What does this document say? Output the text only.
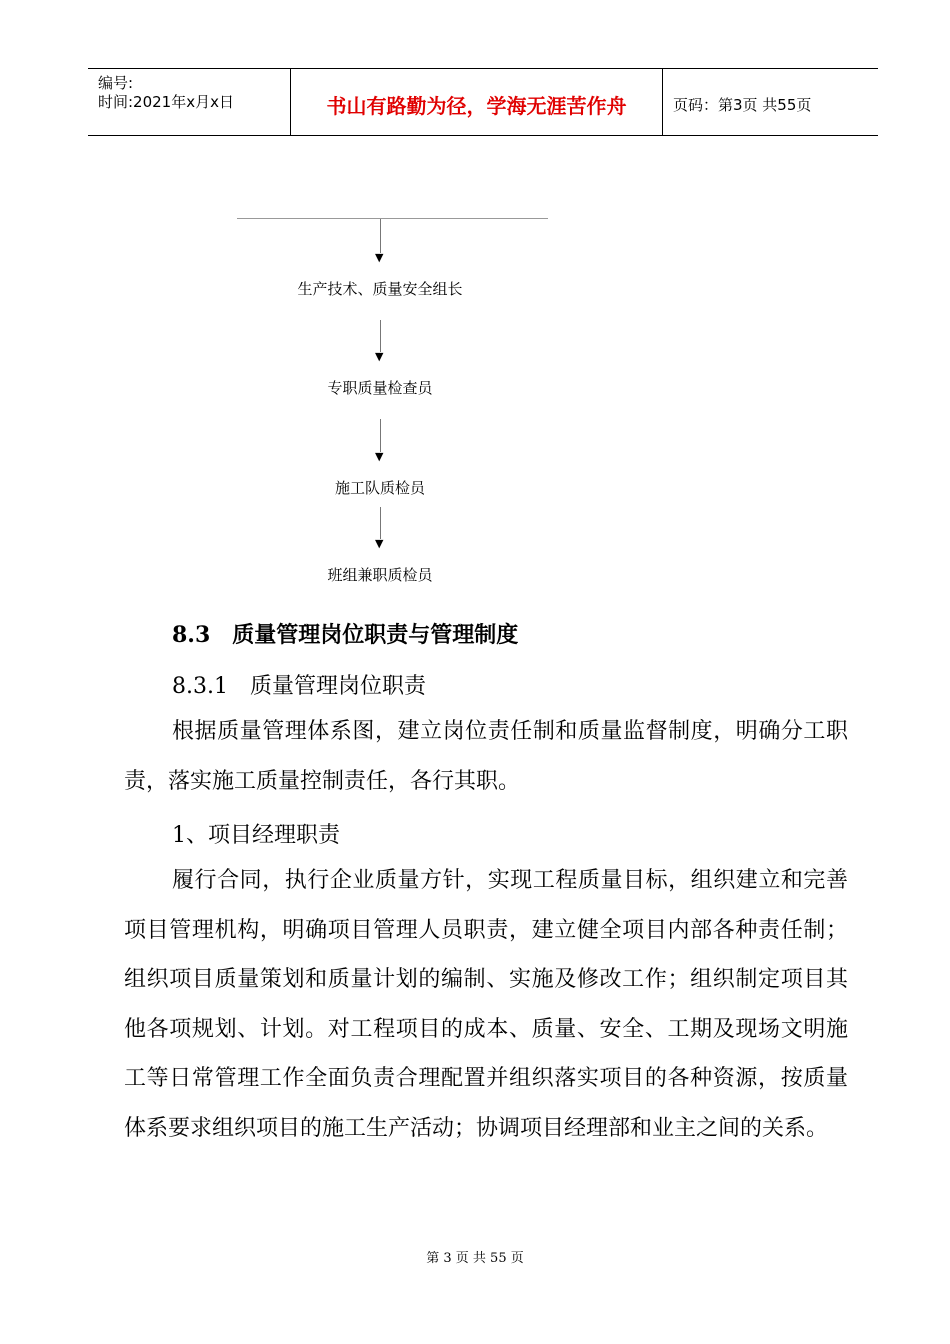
编号:
时间:2021年x月x日	书山有路勤为径，学海无涯苦作舟	页码：第3页 共55页
▼
生产技术、质量安全组长
▼
专职质量检查员
▼
施工队质检员
▼
班组兼职质检员
8.3　质量管理岗位职责与管理制度
8.3.1　质量管理岗位职责

根据质量管理体系图，建立岗位责任制和质量监督制度，明确分工职责，落实施工质量控制责任，各行其职。

1、项目经理职责

履行合同，执行企业质量方针，实现工程质量目标，组织建立和完善项目管理机构，明确项目管理人员职责，建立健全项目内部各种责任制；组织项目质量策划和质量计划的编制、实施及修改工作；组织制定项目其他各项规划、计划。对工程项目的成本、质量、安全、工期及现场文明施工等日常管理工作全面负责合理配置并组织落实项目的各种资源，按质量体系要求组织项目的施工生产活动；协调项目经理部和业主之间的关系。

第 3 页 共 55 页
